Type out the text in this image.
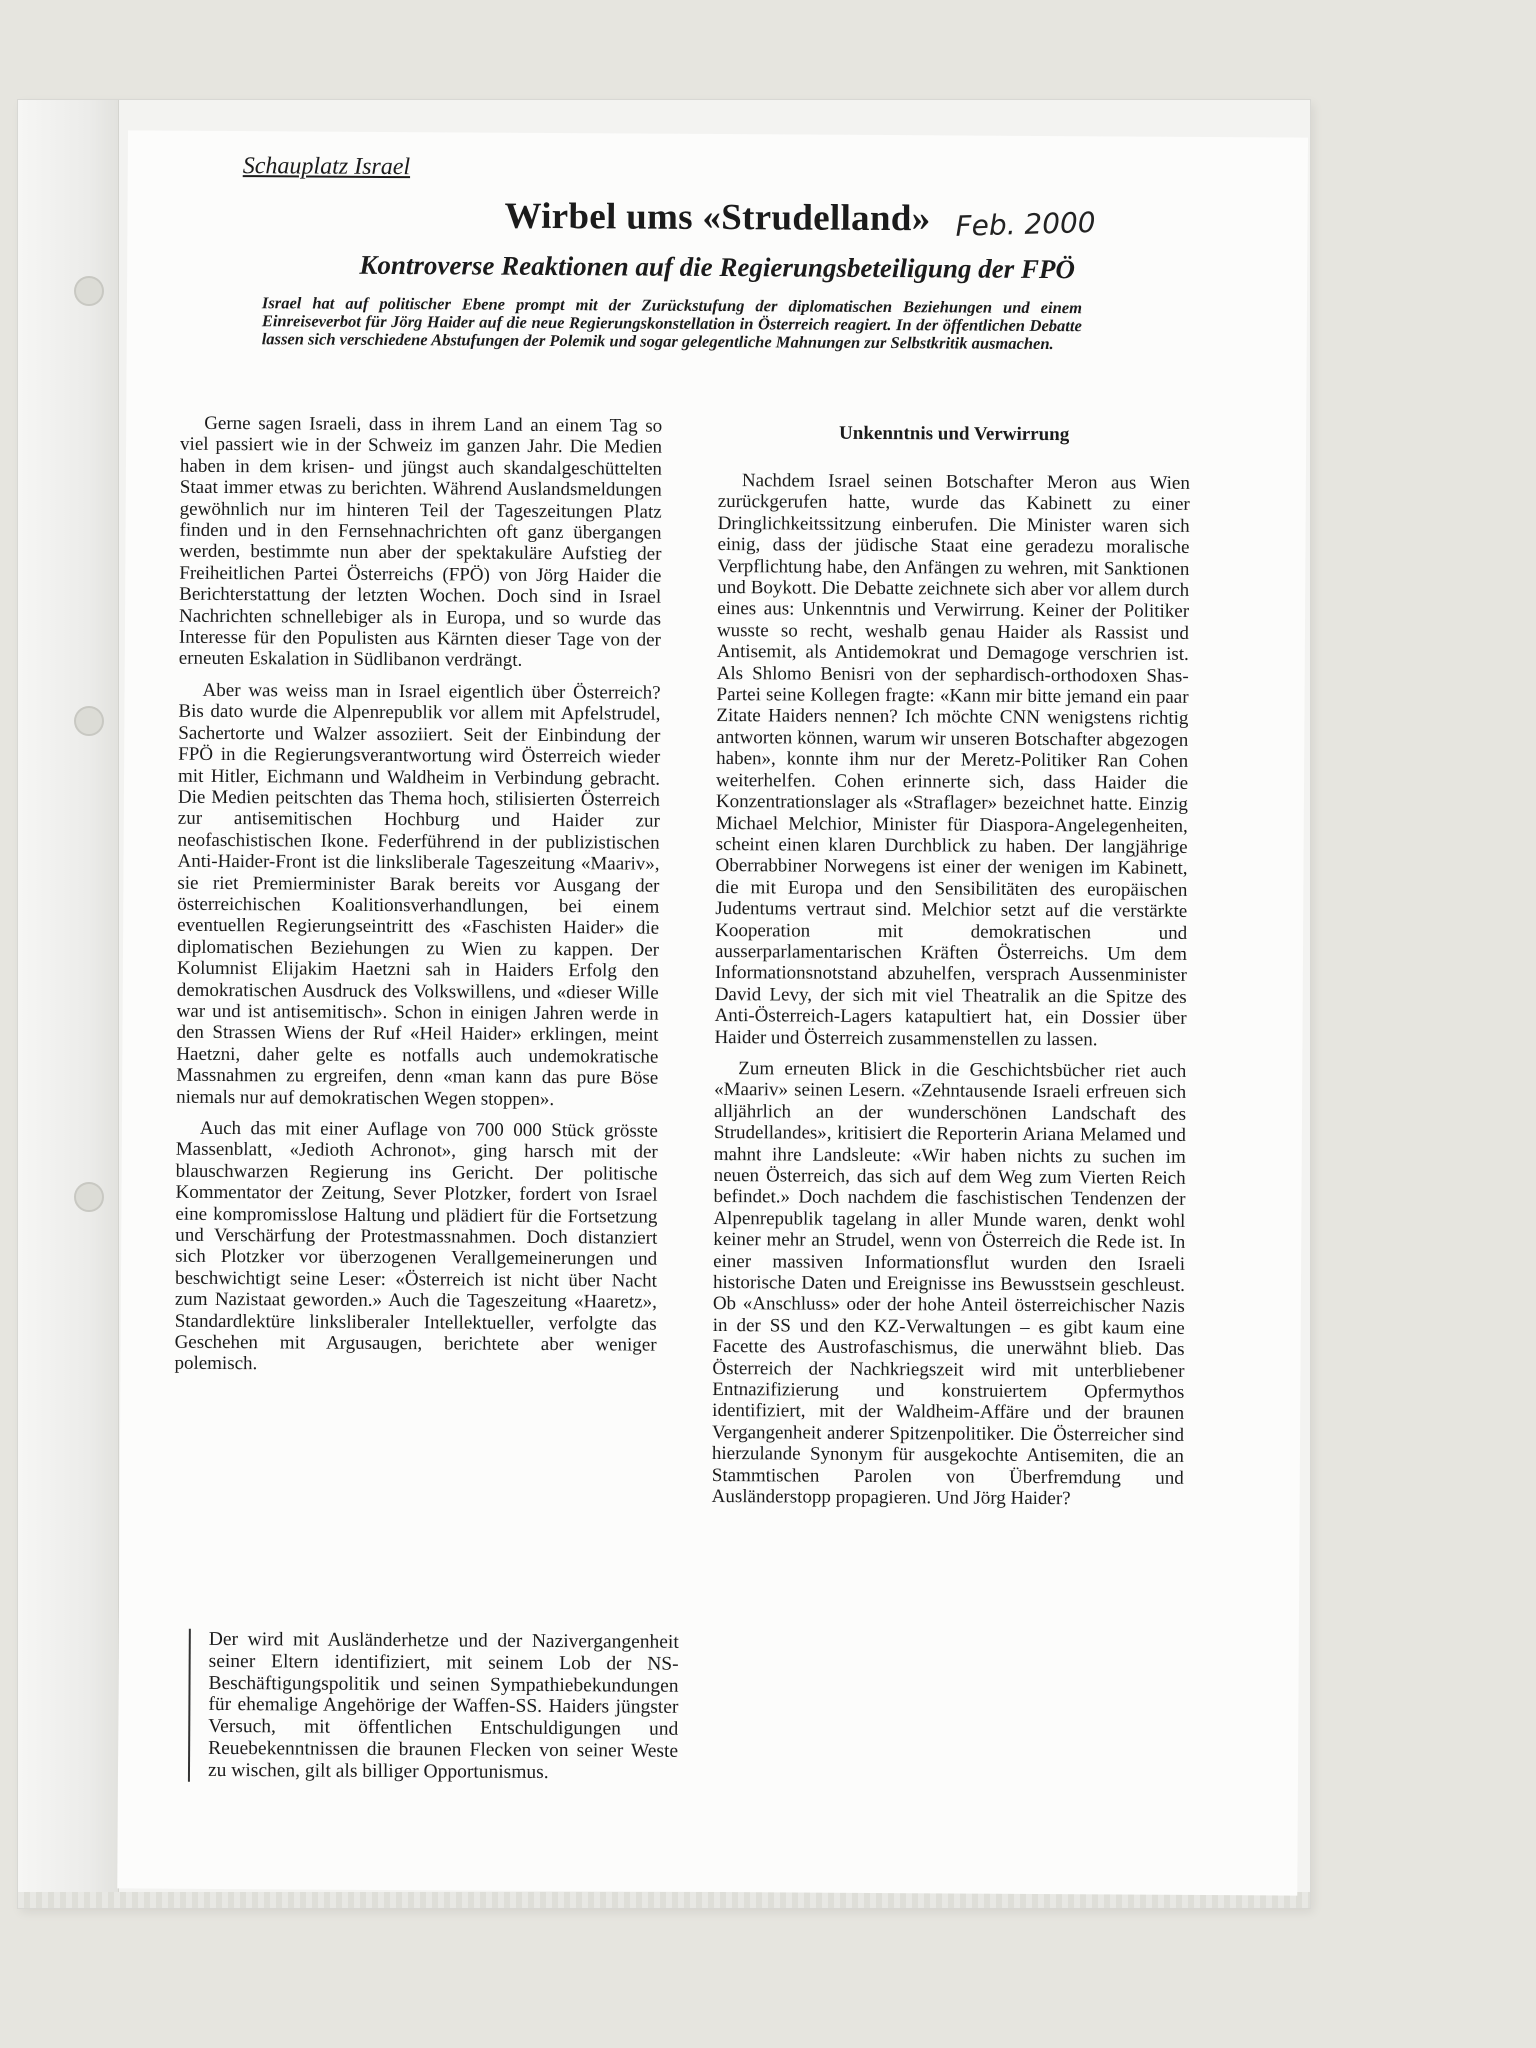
Schauplatz Israel
Wirbel ums «Strudelland» Feb. 2000
Kontroverse Reaktionen auf die Regierungsbeteiligung der FPÖ
Israel hat auf politischer Ebene prompt mit der Zurückstufung der diplomatischen Beziehungen und einem Einreiseverbot für Jörg Haider auf die neue Regierungskonstellation in Österreich reagiert. In der öffentlichen Debatte lassen sich verschiedene Abstufungen der Polemik und sogar gelegentliche Mahnungen zur Selbstkritik ausmachen.

Gerne sagen Israeli, dass in ihrem Land an einem Tag so viel passiert wie in der Schweiz im ganzen Jahr. Die Medien haben in dem krisen- und jüngst auch skandalgeschüttelten Staat immer etwas zu berichten. Während Auslandsmeldungen gewöhnlich nur im hinteren Teil der Tageszeitungen Platz finden und in den Fernsehnachrichten oft ganz übergangen werden, bestimmte nun aber der spektakuläre Aufstieg der Freiheitlichen Partei Österreichs (FPÖ) von Jörg Haider die Berichterstattung der letzten Wochen. Doch sind in Israel Nachrichten schnellebiger als in Europa, und so wurde das Interesse für den Populisten aus Kärnten dieser Tage von der erneuten Eskalation in Südlibanon verdrängt.

Aber was weiss man in Israel eigentlich über Österreich? Bis dato wurde die Alpenrepublik vor allem mit Apfelstrudel, Sachertorte und Walzer assoziiert. Seit der Einbindung der FPÖ in die Regierungsverantwortung wird Österreich wieder mit Hitler, Eichmann und Waldheim in Verbindung gebracht. Die Medien peitschten das Thema hoch, stilisierten Österreich zur antisemitischen Hochburg und Haider zur neofaschistischen Ikone. Federführend in der publizistischen Anti-Haider-Front ist die linksliberale Tageszeitung «Maariv», sie riet Premierminister Barak bereits vor Ausgang der österreichischen Koalitionsverhandlungen, bei einem eventuellen Regierungseintritt des «Faschisten Haider» die diplomatischen Beziehungen zu Wien zu kappen. Der Kolumnist Elijakim Haetzni sah in Haiders Erfolg den demokratischen Ausdruck des Volkswillens, und «dieser Wille war und ist antisemitisch». Schon in einigen Jahren werde in den Strassen Wiens der Ruf «Heil Haider» erklingen, meint Haetzni, daher gelte es notfalls auch undemokratische Massnahmen zu ergreifen, denn «man kann das pure Böse niemals nur auf demokratischen Wegen stoppen».

Auch das mit einer Auflage von 700 000 Stück grösste Massenblatt, «Jedioth Achronot», ging harsch mit der blauschwarzen Regierung ins Gericht. Der politische Kommentator der Zeitung, Sever Plotzker, fordert von Israel eine kompromisslose Haltung und plädiert für die Fortsetzung und Verschärfung der Protestmassnahmen. Doch distanziert sich Plotzker vor überzogenen Verallgemeinerungen und beschwichtigt seine Leser: «Österreich ist nicht über Nacht zum Nazistaat geworden.» Auch die Tageszeitung «Haaretz», Standardlektüre linksliberaler Intellektueller, verfolgte das Geschehen mit Argusaugen, berichtete aber weniger polemisch.

Der wird mit Ausländerhetze und der Nazivergangenheit seiner Eltern identifiziert, mit seinem Lob der NS-Beschäftigungspolitik und seinen Sympathiebekundungen für ehemalige Angehörige der Waffen-SS. Haiders jüngster Versuch, mit öffentlichen Entschuldigungen und Reuebekenntnissen die braunen Flecken von seiner Weste zu wischen, gilt als billiger Opportunismus.
Unkenntnis und Verwirrung

Nachdem Israel seinen Botschafter Meron aus Wien zurückgerufen hatte, wurde das Kabinett zu einer Dringlichkeitssitzung einberufen. Die Minister waren sich einig, dass der jüdische Staat eine geradezu moralische Verpflichtung habe, den Anfängen zu wehren, mit Sanktionen und Boykott. Die Debatte zeichnete sich aber vor allem durch eines aus: Unkenntnis und Verwirrung. Keiner der Politiker wusste so recht, weshalb genau Haider als Rassist und Antisemit, als Antidemokrat und Demagoge verschrien ist. Als Shlomo Benisri von der sephardisch-orthodoxen Shas-Partei seine Kollegen fragte: «Kann mir bitte jemand ein paar Zitate Haiders nennen? Ich möchte CNN wenigstens richtig antworten können, warum wir unseren Botschafter abgezogen haben», konnte ihm nur der Meretz-Politiker Ran Cohen weiterhelfen. Cohen erinnerte sich, dass Haider die Konzentrationslager als «Straflager» bezeichnet hatte. Einzig Michael Melchior, Minister für Diaspora-Angelegenheiten, scheint einen klaren Durchblick zu haben. Der langjährige Oberrabbiner Norwegens ist einer der wenigen im Kabinett, die mit Europa und den Sensibilitäten des europäischen Judentums vertraut sind. Melchior setzt auf die verstärkte Kooperation mit demokratischen und ausserparlamentarischen Kräften Österreichs. Um dem Informationsnotstand abzuhelfen, versprach Aussenminister David Levy, der sich mit viel Theatralik an die Spitze des Anti-Österreich-Lagers katapultiert hat, ein Dossier über Haider und Österreich zusammenstellen zu lassen.

Zum erneuten Blick in die Geschichtsbücher riet auch «Maariv» seinen Lesern. «Zehntausende Israeli erfreuen sich alljährlich an der wunderschönen Landschaft des Strudellandes», kritisiert die Reporterin Ariana Melamed und mahnt ihre Landsleute: «Wir haben nichts zu suchen im neuen Österreich, das sich auf dem Weg zum Vierten Reich befindet.» Doch nachdem die faschistischen Tendenzen der Alpenrepublik tagelang in aller Munde waren, denkt wohl keiner mehr an Strudel, wenn von Österreich die Rede ist. In einer massiven Informationsflut wurden den Israeli historische Daten und Ereignisse ins Bewusstsein geschleust. Ob «Anschluss» oder der hohe Anteil österreichischer Nazis in der SS und den KZ-Verwaltungen – es gibt kaum eine Facette des Austrofaschismus, die unerwähnt blieb. Das Österreich der Nachkriegszeit wird mit unterbliebener Entnazifizierung und konstruiertem Opfermythos identifiziert, mit der Waldheim-Affäre und der braunen Vergangenheit anderer Spitzenpolitiker. Die Österreicher sind hierzulande Synonym für ausgekochte Antisemiten, die an Stammtischen Parolen von Überfremdung und Ausländerstopp propagieren. Und Jörg Haider?
